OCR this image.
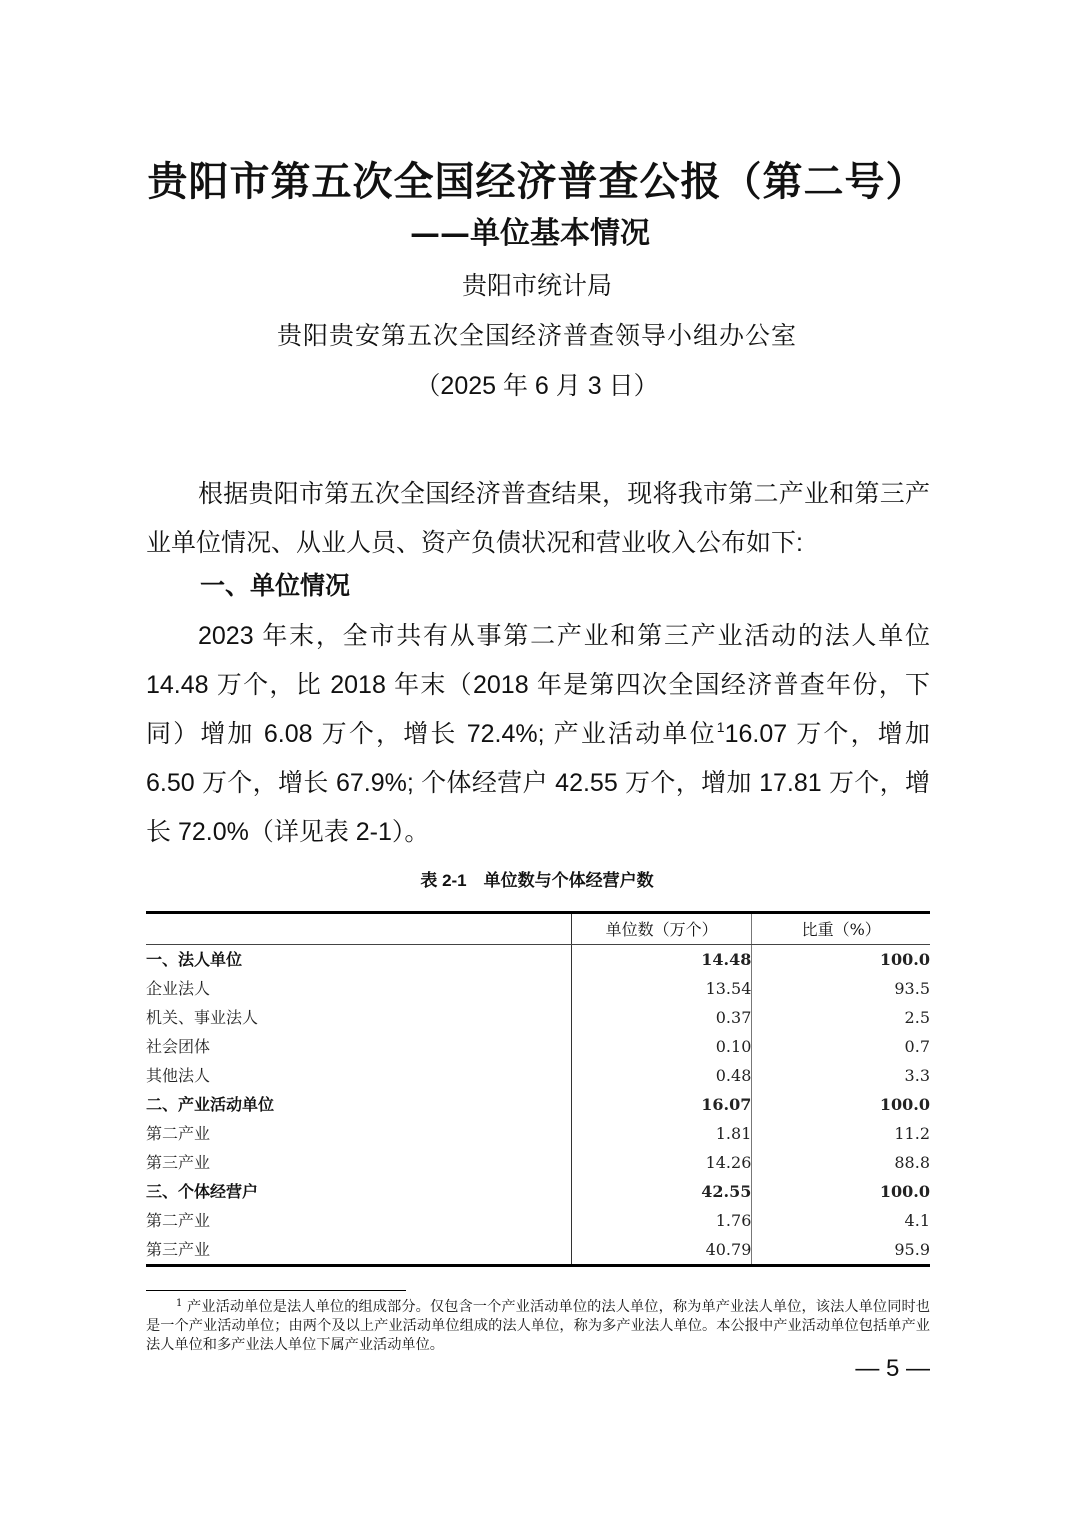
贵阳市第五次全国经济普查公报（第二号）
——单位基本情况
贵阳市统计局
贵阳贵安第五次全国经济普查领导小组办公室
（2025 年 6 月 3 日）
根据贵阳市第五次全国经济普查结果，现将我市第二产业和第三产业单位情况、从业人员、资产负债状况和营业收入公布如下:
一、单位情况
2023 年末，全市共有从事第二产业和第三产业活动的法人单位 14.48 万个，比 2018 年末（2018 年是第四次全国经济普查年份，下同）增加 6.08 万个，增长 72.4%; 产业活动单位$^1$16.07 万个，增加 6.50 万个，增长 67.9%; 个体经营户 42.55 万个，增加 17.81 万个，增长 72.0%（详见表 2-1）。
表 2-1　单位数与个体经营户数
	单位数（万个）	比重（%）
一、法人单位	14.48	100.0
企业法人	13.54	93.5
机关、事业法人	0.37	2.5
社会团体	0.10	0.7
其他法人	0.48	3.3
二、产业活动单位	16.07	100.0
第二产业	1.81	11.2
第三产业	14.26	88.8
三、个体经营户	42.55	100.0
第二产业	1.76	4.1
第三产业	40.79	95.9
$^1$ 产业活动单位是法人单位的组成部分。仅包含一个产业活动单位的法人单位，称为单产业法人单位，该法人单位同时也是一个产业活动单位；由两个及以上产业活动单位组成的法人单位，称为多产业法人单位。本公报中产业活动单位包括单产业法人单位和多产业法人单位下属产业活动单位。
— 5 —
